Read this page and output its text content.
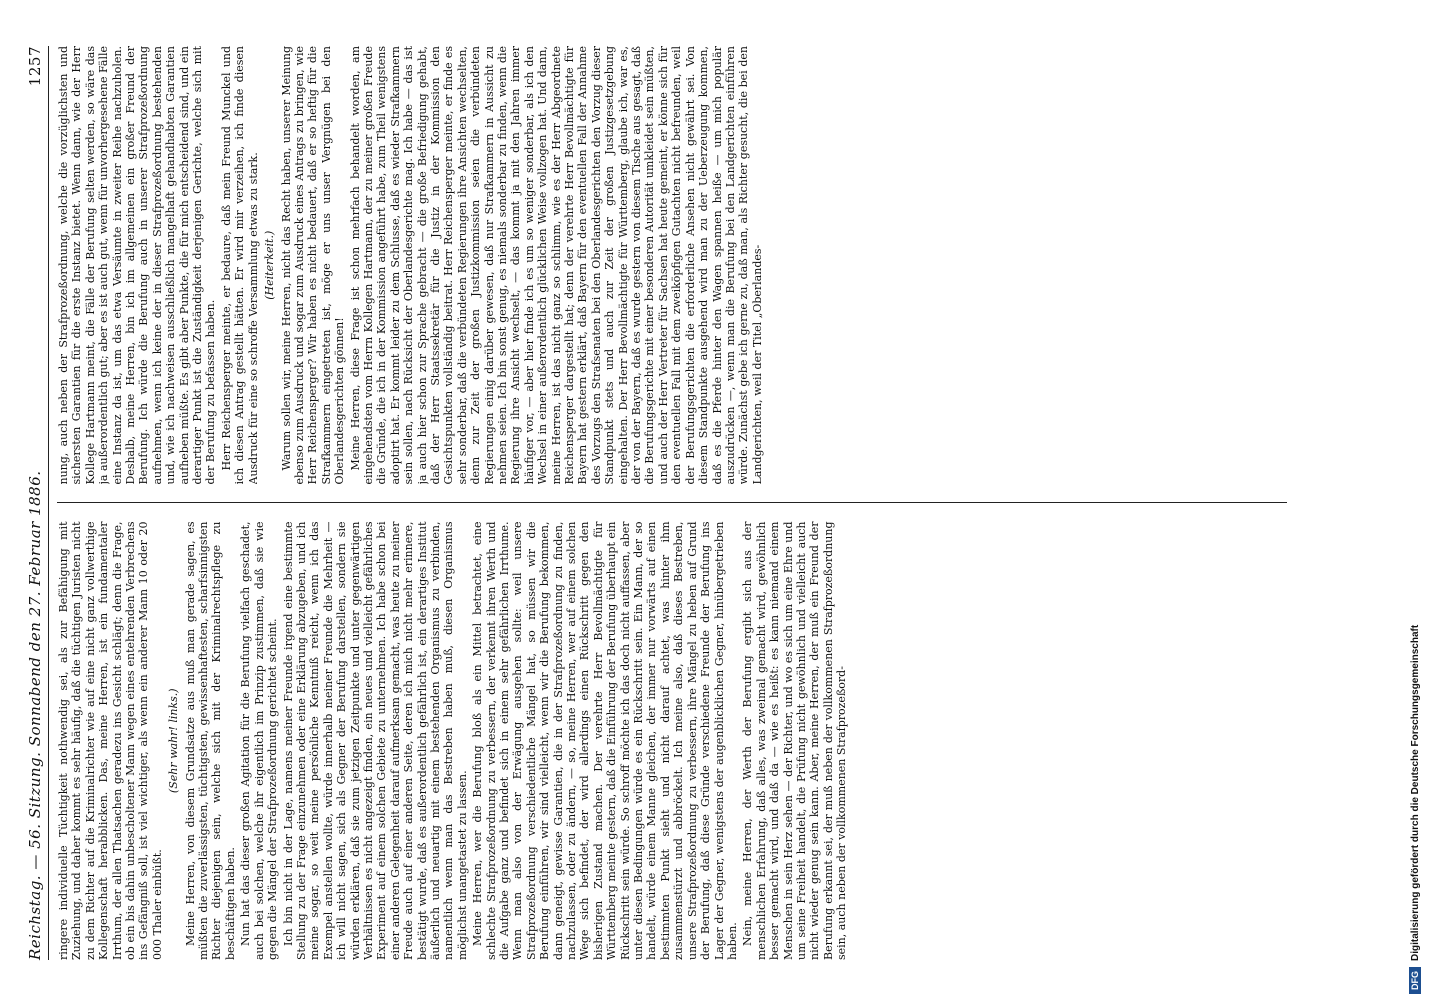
Reichstag. — 56. Sitzung. Sonnabend den 27. Februar 1886.
1257

ringere individuelle Tüchtigkeit nothwendig sei, als zur Befähigung mit Zuziehung, und daher kommt es sehr häufig, daß die tüchtigen Juristen nicht zu dem Richter auf die Kriminalrichter wie auf eine nicht ganz vollwerthige Kollegenschaft herabblicken. Das, meine Herren, ist ein fundamentaler Irrthum, der allen Thatsachen geradezu ins Gesicht schlägt; denn die Frage, ob ein bis dahin unbescholtener Mann wegen eines entehrenden Verbrechens ins Gefängniß soll, ist viel wichtiger, als wenn ein anderer Mann 10 oder 20 000 Thaler einbüßt.

(Sehr wahr! links.) Meine Herren, von diesem Grundsatze aus muß man gerade sagen, es müßten die zuverlässigsten, tüchtigsten, gewissenhaftesten, scharfsinnigsten Richter diejenigen sein, welche sich mit der Kriminalrechtspflege zu beschäftigen haben. Nun hat das dieser großen Agitation für die Berufung vielfach geschadet, auch bei solchen, welche ihr eigentlich im Prinzip zustimmen, daß sie wie gegen die Mängel der Strafprozeßordnung gerichtet scheint. Ich bin nicht in der Lage, namens meiner Freunde irgend eine bestimmte Stellung zu der Frage einzunehmen oder eine Erklärung abzugeben, und ich meine sogar, so weit meine persönliche Kenntniß reicht, wenn ich das Exempel anstellen wollte, würde innerhalb meiner Freunde die Mehrheit — ich will nicht sagen, sich als Gegner der Berufung darstellen, sondern sie würden erklären, daß sie zum jetzigen Zeitpunkte und unter gegenwärtigen Verhältnissen es nicht angezeigt finden, ein neues und vielleicht gefährliches Experiment auf einem solchen Gebiete zu unternehmen. Ich habe schon bei einer anderen Gelegenheit darauf aufmerksam gemacht, was heute zu meiner Freude auch auf einer anderen Seite, deren ich mich nicht mehr erinnere, bestätigt wurde, daß es außerordentlich gefährlich ist, ein derartiges Institut äußerlich und neuartig mit einem bestehenden Organismus zu verbinden, namentlich wenn man das Bestreben haben muß, diesen Organismus möglichst unangetastet zu lassen. Meine Herren, wer die Berufung bloß als ein Mittel betrachtet, eine schlechte Strafprozeßordnung zu verbessern, der verkennt ihren Werth und die Aufgabe ganz und befindet sich in einem sehr gefährlichen Irrthume. Wenn man also von der Erwägung ausgehen sollte: weil unsere Strafprozeßordnung verschiedentliche Mängel hat, so müssen wir die Berufung einführen, wir sind vielleicht, wenn wir die Berufung bekommen, dann geneigt, gewisse Garantien, die in der Strafprozeßordnung zu finden, nachzulassen, oder zu ändern, — so, meine Herren, wer auf einem solchen Wege sich befindet, der wird allerdings einen Rückschritt gegen den bisherigen Zustand machen. Der verehrte Herr Bevollmächtigte für Württemberg meinte gestern, daß die Einführung der Berufung überhaupt ein Rückschritt sein würde. So schroff möchte ich das doch nicht auffassen, aber unter diesen Bedingungen würde es ein Rückschritt sein. Ein Mann, der so handelt, würde einem Manne gleichen, der immer nur vorwärts auf einen bestimmten Punkt sieht und nicht darauf achtet, was hinter ihm zusammenstürzt und abbröckelt. Ich meine also, daß dieses Bestreben, unsere Strafprozeßordnung zu verbessern, ihre Mängel zu heben auf Grund der Berufung, daß diese Gründe verschiedene Freunde der Berufung ins Lager der Gegner, wenigstens der augenblicklichen Gegner, hinübergetrieben haben. Nein, meine Herren, der Werth der Berufung ergibt sich aus der menschlichen Erfahrung, daß alles, was zweimal gemacht wird, gewöhnlich besser gemacht wird, und daß da — wie es heißt: es kann niemand einem Menschen in sein Herz sehen — der Richter, und wo es sich um eine Ehre und um seine Freiheit handelt, die Prüfung nicht gewöhnlich und vielleicht auch nicht wieder genug sein kann. Aber, meine Herren, der muß ein Freund der Berufung erkannt sei, der muß neben der vollkommenen Strafprozeßordnung sein, auch neben der vollkommenen Strafprozeßord-

nung, auch neben der Strafprozeßordnung, welche die vorzüglichsten und sichersten Garantien für die erste Instanz bietet. Wenn dann, wie der Herr Kollege Hartmann meint, die Fälle der Berufung selten werden, so wäre das ja außerordentlich gut; aber es ist auch gut, wenn für unvorhergesehene Fälle eine Instanz da ist, um das etwa Versäumte in zweiter Reihe nachzuholen. Deshalb, meine Herren, bin ich im allgemeinen ein großer Freund der Berufung. Ich würde die Berufung auch in unserer Strafprozeßordnung aufnehmen, wenn ich keine der in dieser Strafprozeßordnung bestehenden und, wie ich nachweisen ausschließlich mangelhaft gehandhabten Garantien aufheben müßte. Es gibt aber Punkte, die für mich entscheidend sind, und ein derartiger Punkt ist die Zuständigkeit derjenigen Gerichte, welche sich mit der Berufung zu befassen haben. Herr Reichensperger meinte, er bedaure, daß mein Freund Munckel und ich diesen Antrag gestellt hätten. Er wird mir verzeihen, ich finde diesen Ausdruck für eine so schroffe Versammlung etwas zu stark. (Heiterkeit.) Warum sollen wir, meine Herren, nicht das Recht haben, unserer Meinung ebenso zum Ausdruck und sogar zum Ausdruck eines Antrags zu bringen, wie Herr Reichensperger? Wir haben es nicht bedauert, daß er so heftig für die Strafkammern eingetreten ist, möge er uns unser Vergnügen bei den Oberlandesgerichten gönnen! Meine Herren, diese Frage ist schon mehrfach behandelt worden, am eingehendsten vom Herrn Kollegen Hartmann, der zu meiner großen Freude die Gründe, die ich in der Kommission angeführt habe, zum Theil wenigstens adoptirt hat. Er kommt leider zu dem Schlusse, daß es wieder Strafkammern sein sollen, nach Rücksicht der Oberlandesgerichte mag. Ich habe — das ist ja auch hier schon zur Sprache gebracht — die große Befriedigung gehabt, daß der Herr Staatssekretär für die Justiz in der Kommission den Gesichtspunkten vollständig beitrat. Herr Reichensperger meinte, er finde es sehr sonderbar, daß die verbündeten Regierungen ihre Ansichten wechselten, denn zur Zeit der großen Justizkommission seien die verbündeten Regierungen einig darüber gewesen, daß nur Strafkammern in Aussicht zu nehmen seien. Ich bin sonst genug, es niemals sonderbar zu finden, wenn die Regierung ihre Ansicht wechselt, — das kommt ja mit den Jahren immer häufiger vor, — aber hier finde ich es um so weniger sonderbar, als ich den Wechsel in einer außerordentlich glücklichen Weise vollzogen hat. Und dann, meine Herren, ist das nicht ganz so schlimm, wie es der Herr Abgeordnete Reichensperger dargestellt hat; denn der verehrte Herr Bevollmächtigte für Bayern hat gestern erklärt, daß Bayern für den eventuellen Fall der Annahme des Vorzugs den Strafsenaten bei den Oberlandesgerichten den Vorzug dieser Standpunkt stets und auch zur Zeit der großen Justizgesetzgebung eingehalten. Der Herr Bevollmächtigte für Württemberg, glaube ich, war es, der von der Bayern, daß es wurde gestern von diesem Tische aus gesagt, daß die Berufungsgerichte mit einer besonderen Autorität umkleidet sein müßten, und auch der Herr Vertreter für Sachsen hat heute gemeint, er könne sich für den eventuellen Fall mit dem zweiköpfigen Gutachten nicht befreunden, weil der Berufungsgerichten die erforderliche Ansehen nicht gewährt sei. Von diesem Standpunkte ausgehend wird man zu der Ueberzeugung kommen, daß es die Pferde hinter den Wagen spannen heiße — um mich populär auszudrücken —, wenn man die Berufung bei den Landgerichten einführen würde. Zunächst gebe ich gerne zu, daß man, als Richter gesucht, die bei den Landgerichten, weil der Titel „Oberlandes-

DFG
Digitalisierung gefördert durch die Deutsche Forschungsgemeinschaft
